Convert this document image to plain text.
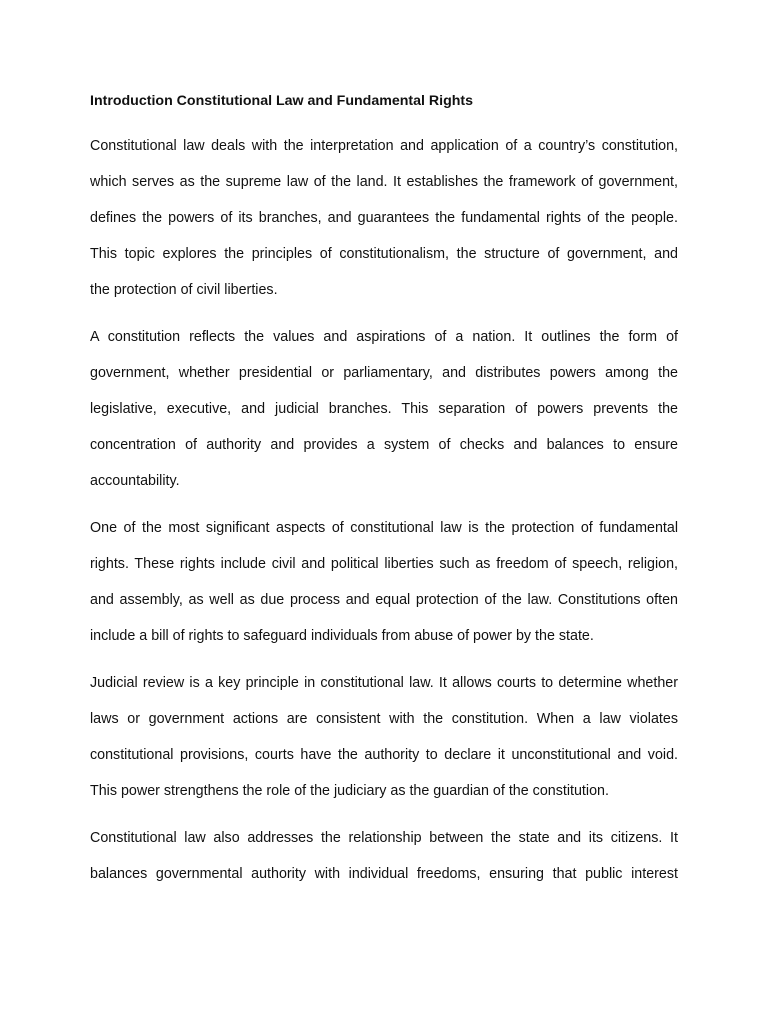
Introduction Constitutional Law and Fundamental Rights
Constitutional law deals with the interpretation and application of a country’s constitution,
which serves as the supreme law of the land. It establishes the framework of government,
defines the powers of its branches, and guarantees the fundamental rights of the people.
This topic explores the principles of constitutionalism, the structure of government, and
the protection of civil liberties.
A constitution reflects the values and aspirations of a nation. It outlines the form of
government, whether presidential or parliamentary, and distributes powers among the
legislative, executive, and judicial branches. This separation of powers prevents the
concentration of authority and provides a system of checks and balances to ensure
accountability.
One of the most significant aspects of constitutional law is the protection of fundamental
rights. These rights include civil and political liberties such as freedom of speech, religion,
and assembly, as well as due process and equal protection of the law. Constitutions often
include a bill of rights to safeguard individuals from abuse of power by the state.
Judicial review is a key principle in constitutional law. It allows courts to determine whether
laws or government actions are consistent with the constitution. When a law violates
constitutional provisions, courts have the authority to declare it unconstitutional and void.
This power strengthens the role of the judiciary as the guardian of the constitution.
Constitutional law also addresses the relationship between the state and its citizens. It
balances governmental authority with individual freedoms, ensuring that public interest
